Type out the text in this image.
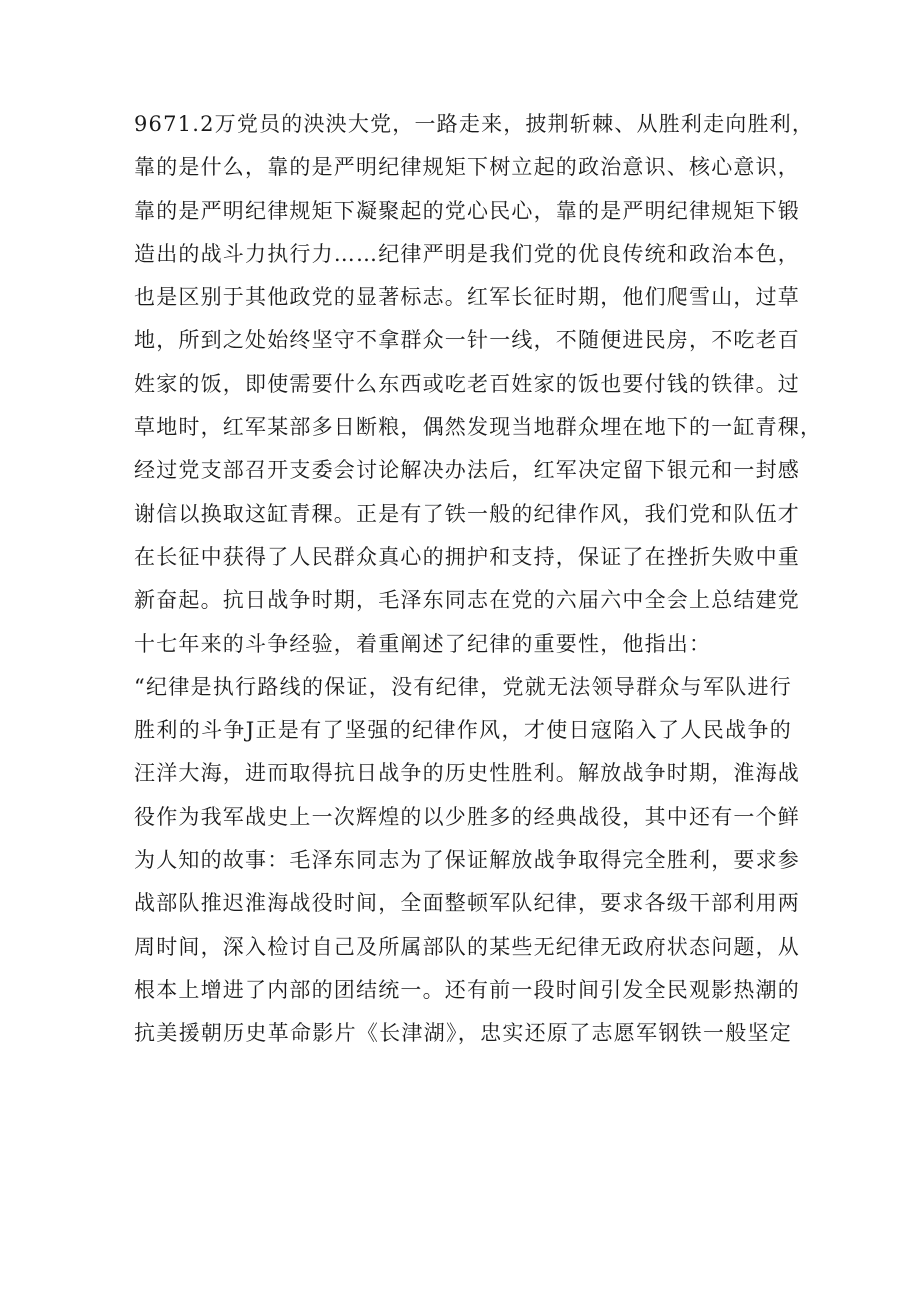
9671.2万党员的泱泱大党，一路走来，披荆斩棘、从胜利走向胜利，
靠的是什么，靠的是严明纪律规矩下树立起的政治意识、核心意识，
靠的是严明纪律规矩下凝聚起的党心民心，靠的是严明纪律规矩下锻
造出的战斗力执行力……纪律严明是我们党的优良传统和政治本色，
也是区别于其他政党的显著标志。红军长征时期，他们爬雪山，过草
地，所到之处始终坚守不拿群众一针一线，不随便进民房，不吃老百
姓家的饭，即使需要什么东西或吃老百姓家的饭也要付钱的铁律。过
草地时，红军某部多日断粮，偶然发现当地群众埋在地下的一缸青稞，
经过党支部召开支委会讨论解决办法后，红军决定留下银元和一封感
谢信以换取这缸青稞。正是有了铁一般的纪律作风，我们党和队伍才
在长征中获得了人民群众真心的拥护和支持，保证了在挫折失败中重
新奋起。抗日战争时期，毛泽东同志在党的六届六中全会上总结建党
十七年来的斗争经验，着重阐述了纪律的重要性，他指出：
“纪律是执行路线的保证，没有纪律，党就无法领导群众与军队进行
胜利的斗争J正是有了坚强的纪律作风，才使日寇陷入了人民战争的
汪洋大海，进而取得抗日战争的历史性胜利。解放战争时期，淮海战
役作为我军战史上一次辉煌的以少胜多的经典战役，其中还有一个鲜
为人知的故事：毛泽东同志为了保证解放战争取得完全胜利，要求参
战部队推迟淮海战役时间，全面整顿军队纪律，要求各级干部利用两
周时间，深入检讨自己及所属部队的某些无纪律无政府状态问题，从
根本上增进了内部的团结统一。还有前一段时间引发全民观影热潮的
抗美援朝历史革命影片《长津湖》，忠实还原了志愿军钢铁一般坚定
